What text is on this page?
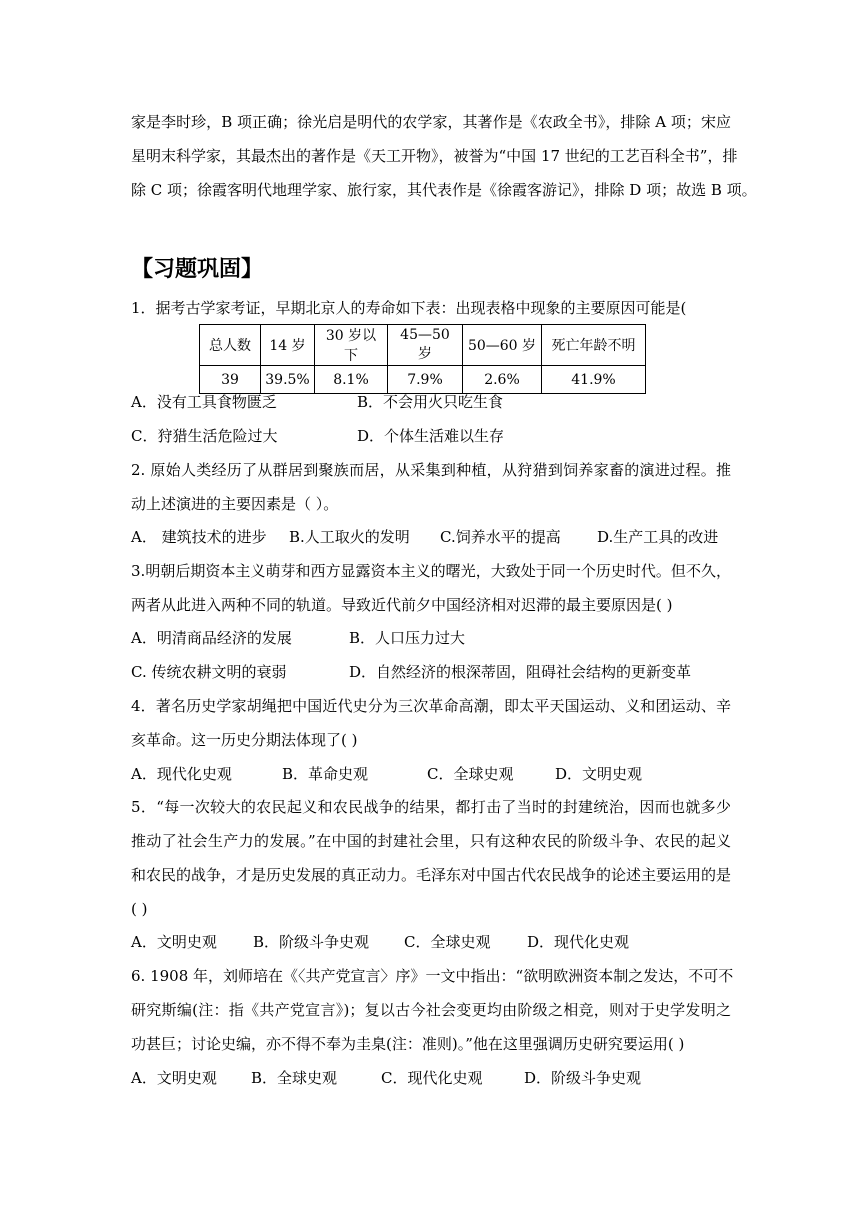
家是李时珍，B 项正确；徐光启是明代的农学家，其著作是《农政全书》，排除 A 项；宋应
星明末科学家，其最杰出的著作是《天工开物》，被誉为“中国 17 世纪的工艺百科全书”，排
除 C 项；徐霞客明代地理学家、旅行家，其代表作是《徐霞客游记》，排除 D 项；故选 B 项。
【习题巩固】
1．据考古学家考证，早期北京人的寿命如下表：出现表格中现象的主要原因可能是(
总人数	14 岁	30 岁以下	45—50 岁	50—60 岁	死亡年龄不明
39	39.5%	8.1%	7.9%	2.6%	41.9%
A．没有工具食物匮乏	B．不会用火只吃生食
C．狩猎生活危险过大	D．个体生活难以生存
2. 原始人类经历了从群居到聚族而居，从采集到种植，从狩猎到饲养家畜的演进过程。推
动上述演进的主要因素是（ ）。
A． 建筑技术的进步 B.人工取火的发明 C.饲养水平的提高 D.生产工具的改进
3.明朝后期资本主义萌芽和西方显露资本主义的曙光，大致处于同一个历史时代。但不久，
两者从此进入两种不同的轨道。导致近代前夕中国经济相对迟滞的最主要原因是( )
A．明清商品经济的发展	B．人口压力过大
C. 传统农耕文明的衰弱	D．自然经济的根深蒂固，阻碍社会结构的更新变革
4．著名历史学家胡绳把中国近代史分为三次革命高潮，即太平天国运动、义和团运动、辛
亥革命。这一历史分期法体现了( )
A．现代化史观	B．革命史观	C．全球史观	D．文明史观
5．“每一次较大的农民起义和农民战争的结果，都打击了当时的封建统治，因而也就多少
推动了社会生产力的发展。”在中国的封建社会里，只有这种农民的阶级斗争、农民的起义
和农民的战争，才是历史发展的真正动力。毛泽东对中国古代农民战争的论述主要运用的是
( )
A．文明史观 B．阶级斗争史观 C．全球史观 D．现代化史观
6. 1908 年，刘师培在《〈共产党宣言〉序》一文中指出：“欲明欧洲资本制之发达，不可不
研究斯编(注：指《共产党宣言》)；复以古今社会变更均由阶级之相竞，则对于史学发明之
功甚巨；讨论史编，亦不得不奉为圭臬(注：准则)。”他在这里强调历史研究要运用( )
A．文明史观 B．全球史观	C．现代化史观	D．阶级斗争史观
